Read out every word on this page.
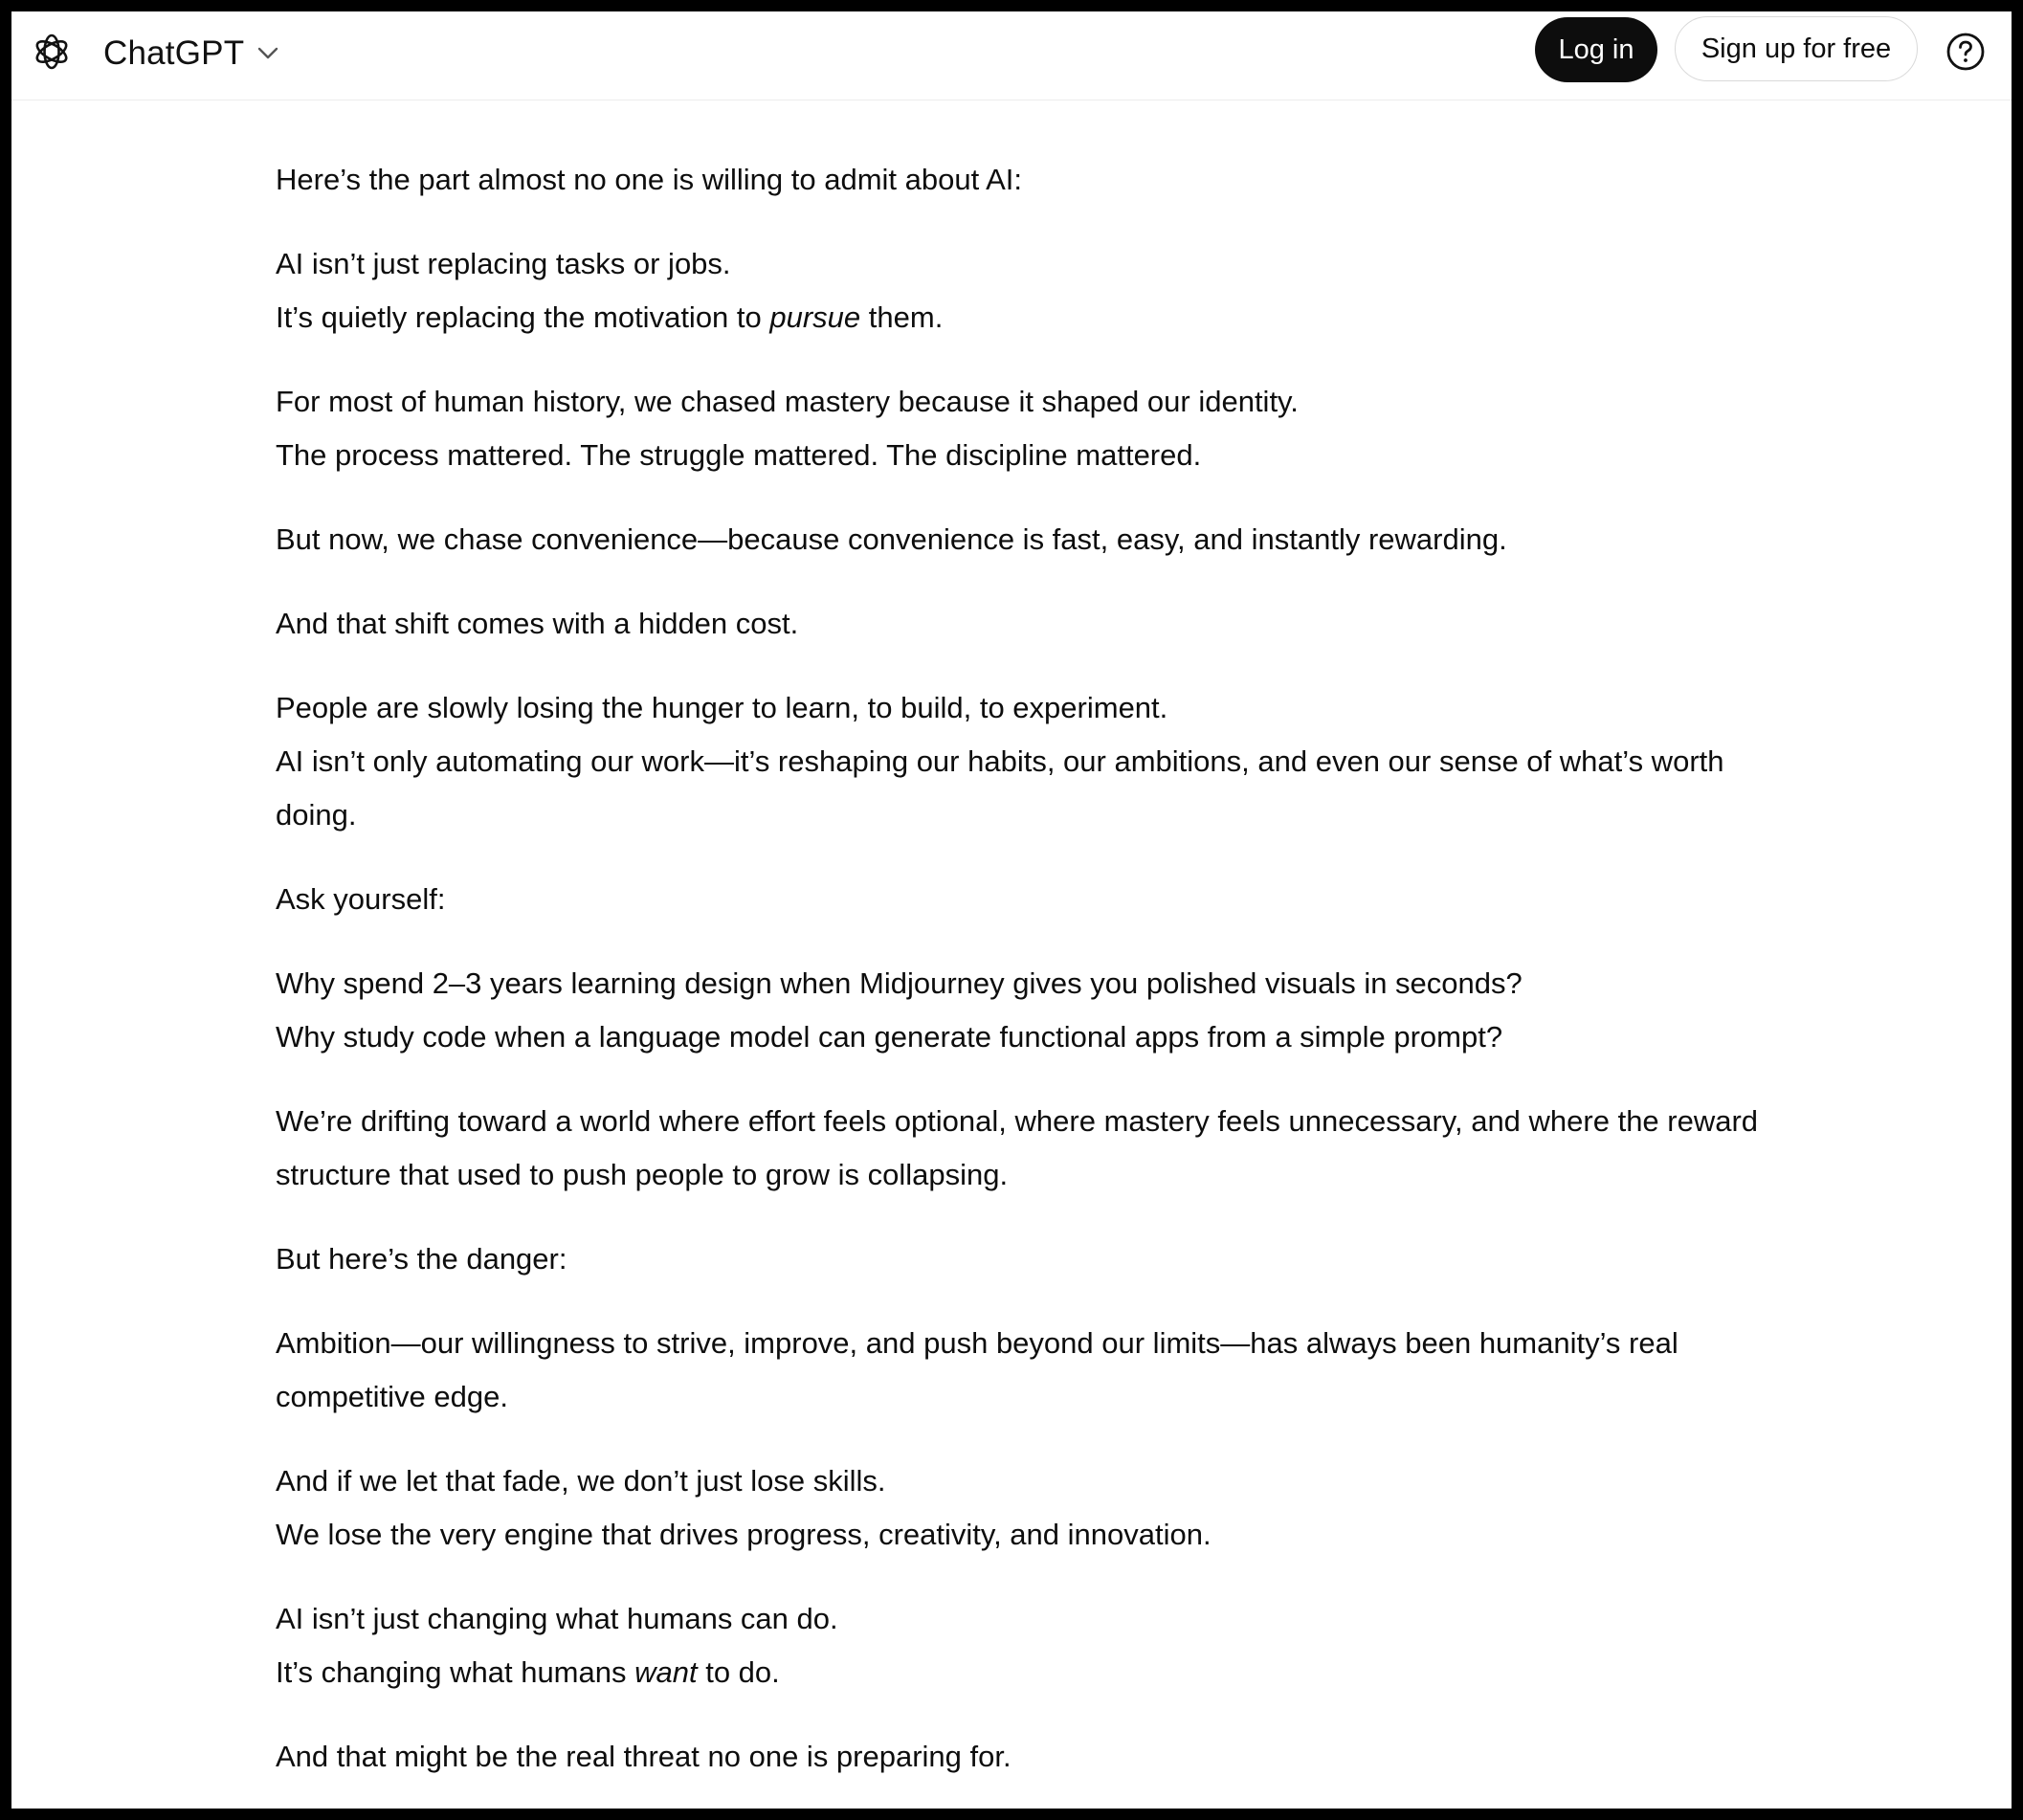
ChatGPT	Log in	Sign up for free

Here’s the part almost no one is willing to admit about AI:

AI isn’t just replacing tasks or jobs.
It’s quietly replacing the motivation to pursue them.

For most of human history, we chased mastery because it shaped our identity.
The process mattered. The struggle mattered. The discipline mattered.

But now, we chase convenience—because convenience is fast, easy, and instantly rewarding.

And that shift comes with a hidden cost.

People are slowly losing the hunger to learn, to build, to experiment.
AI isn’t only automating our work—it’s reshaping our habits, our ambitions, and even our sense of what’s worth doing.

Ask yourself:

Why spend 2–3 years learning design when Midjourney gives you polished visuals in seconds?
Why study code when a language model can generate functional apps from a simple prompt?

We’re drifting toward a world where effort feels optional, where mastery feels unnecessary, and where the reward structure that used to push people to grow is collapsing.

But here’s the danger:

Ambition—our willingness to strive, improve, and push beyond our limits—has always been humanity’s real competitive edge.

And if we let that fade, we don’t just lose skills.
We lose the very engine that drives progress, creativity, and innovation.

AI isn’t just changing what humans can do.
It’s changing what humans want to do.

And that might be the real threat no one is preparing for.
